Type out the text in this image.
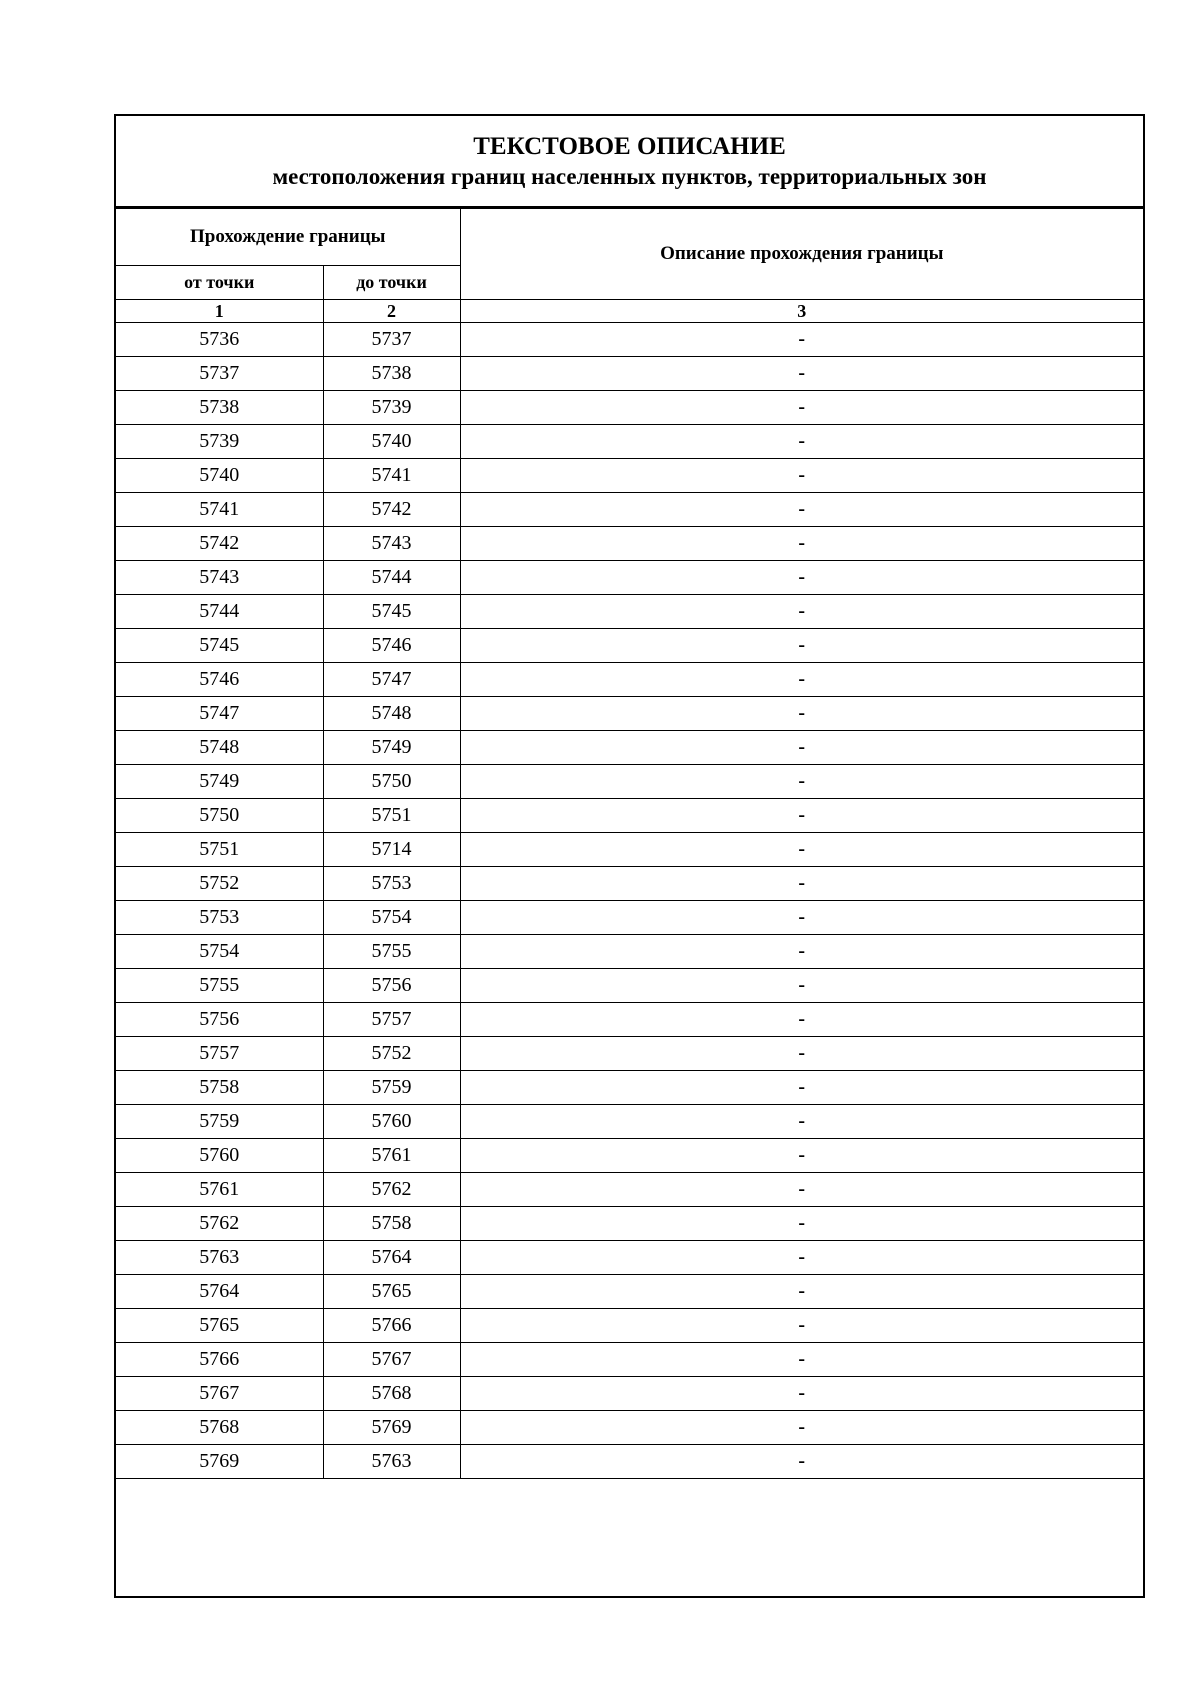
ТЕКСТОВОЕ ОПИСАНИЕ
местоположения границ населенных пунктов, территориальных зон
Прохождение границы		Описание прохождения границы
от точки	до точки	
1	2	3
5736	5737	-
5737	5738	-
5738	5739	-
5739	5740	-
5740	5741	-
5741	5742	-
5742	5743	-
5743	5744	-
5744	5745	-
5745	5746	-
5746	5747	-
5747	5748	-
5748	5749	-
5749	5750	-
5750	5751	-
5751	5714	-
5752	5753	-
5753	5754	-
5754	5755	-
5755	5756	-
5756	5757	-
5757	5752	-
5758	5759	-
5759	5760	-
5760	5761	-
5761	5762	-
5762	5758	-
5763	5764	-
5764	5765	-
5765	5766	-
5766	5767	-
5767	5768	-
5768	5769	-
5769	5763	-
